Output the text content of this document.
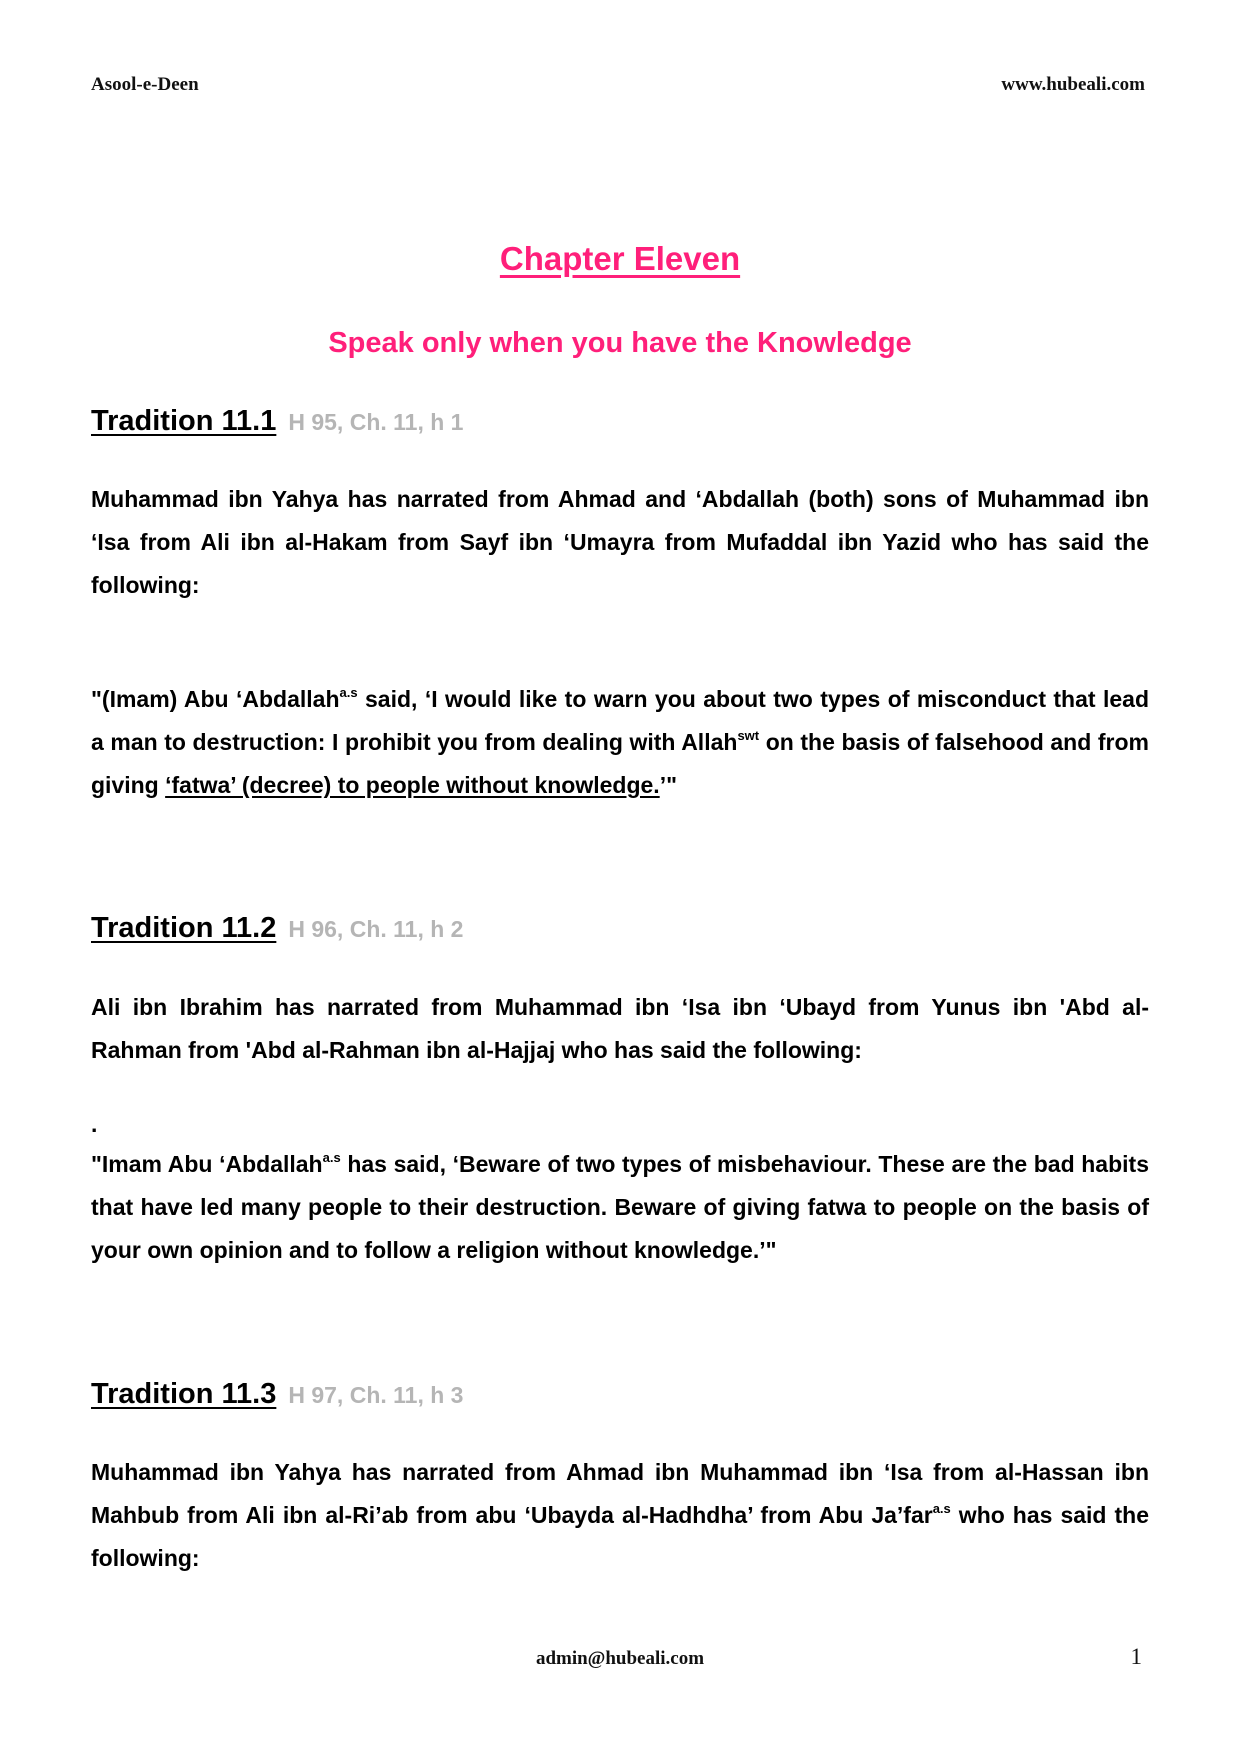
Asool-e-Deen	www.hubeali.com
Chapter Eleven
Speak only when you have the Knowledge
Tradition 11.1 H 95, Ch. 11, h 1
Muhammad ibn Yahya has narrated from Ahmad and ‘Abdallah (both) sons of Muhammad ibn ‘Isa from Ali ibn al-Hakam from Sayf ibn ‘Umayra from Mufaddal ibn Yazid who has said the following:
"(Imam) Abu ‘Abdallah$^{a.s}$ said, ‘I would like to warn you about two types of misconduct that lead a man to destruction: I prohibit you from dealing with Allah$^{swt}$ on the basis of falsehood and from giving ‘fatwa’ (decree) to people without knowledge.’"
Tradition 11.2 H 96, Ch. 11, h 2
Ali ibn Ibrahim has narrated from Muhammad ibn ‘Isa ibn ‘Ubayd from Yunus ibn 'Abd al-Rahman from 'Abd al-Rahman ibn al-Hajjaj who has said the following:
.
"Imam Abu ‘Abdallah$^{a.s}$ has said, ‘Beware of two types of misbehaviour. These are the bad habits that have led many people to their destruction. Beware of giving fatwa to people on the basis of your own opinion and to follow a religion without knowledge.’"
Tradition 11.3 H 97, Ch. 11, h 3
Muhammad ibn Yahya has narrated from Ahmad ibn Muhammad ibn ‘Isa from al-Hassan ibn Mahbub from Ali ibn al-Ri’ab from abu ‘Ubayda al-Hadhdha’ from Abu Ja’far$^{a.s}$ who has said the following:
admin@hubeali.com	1
